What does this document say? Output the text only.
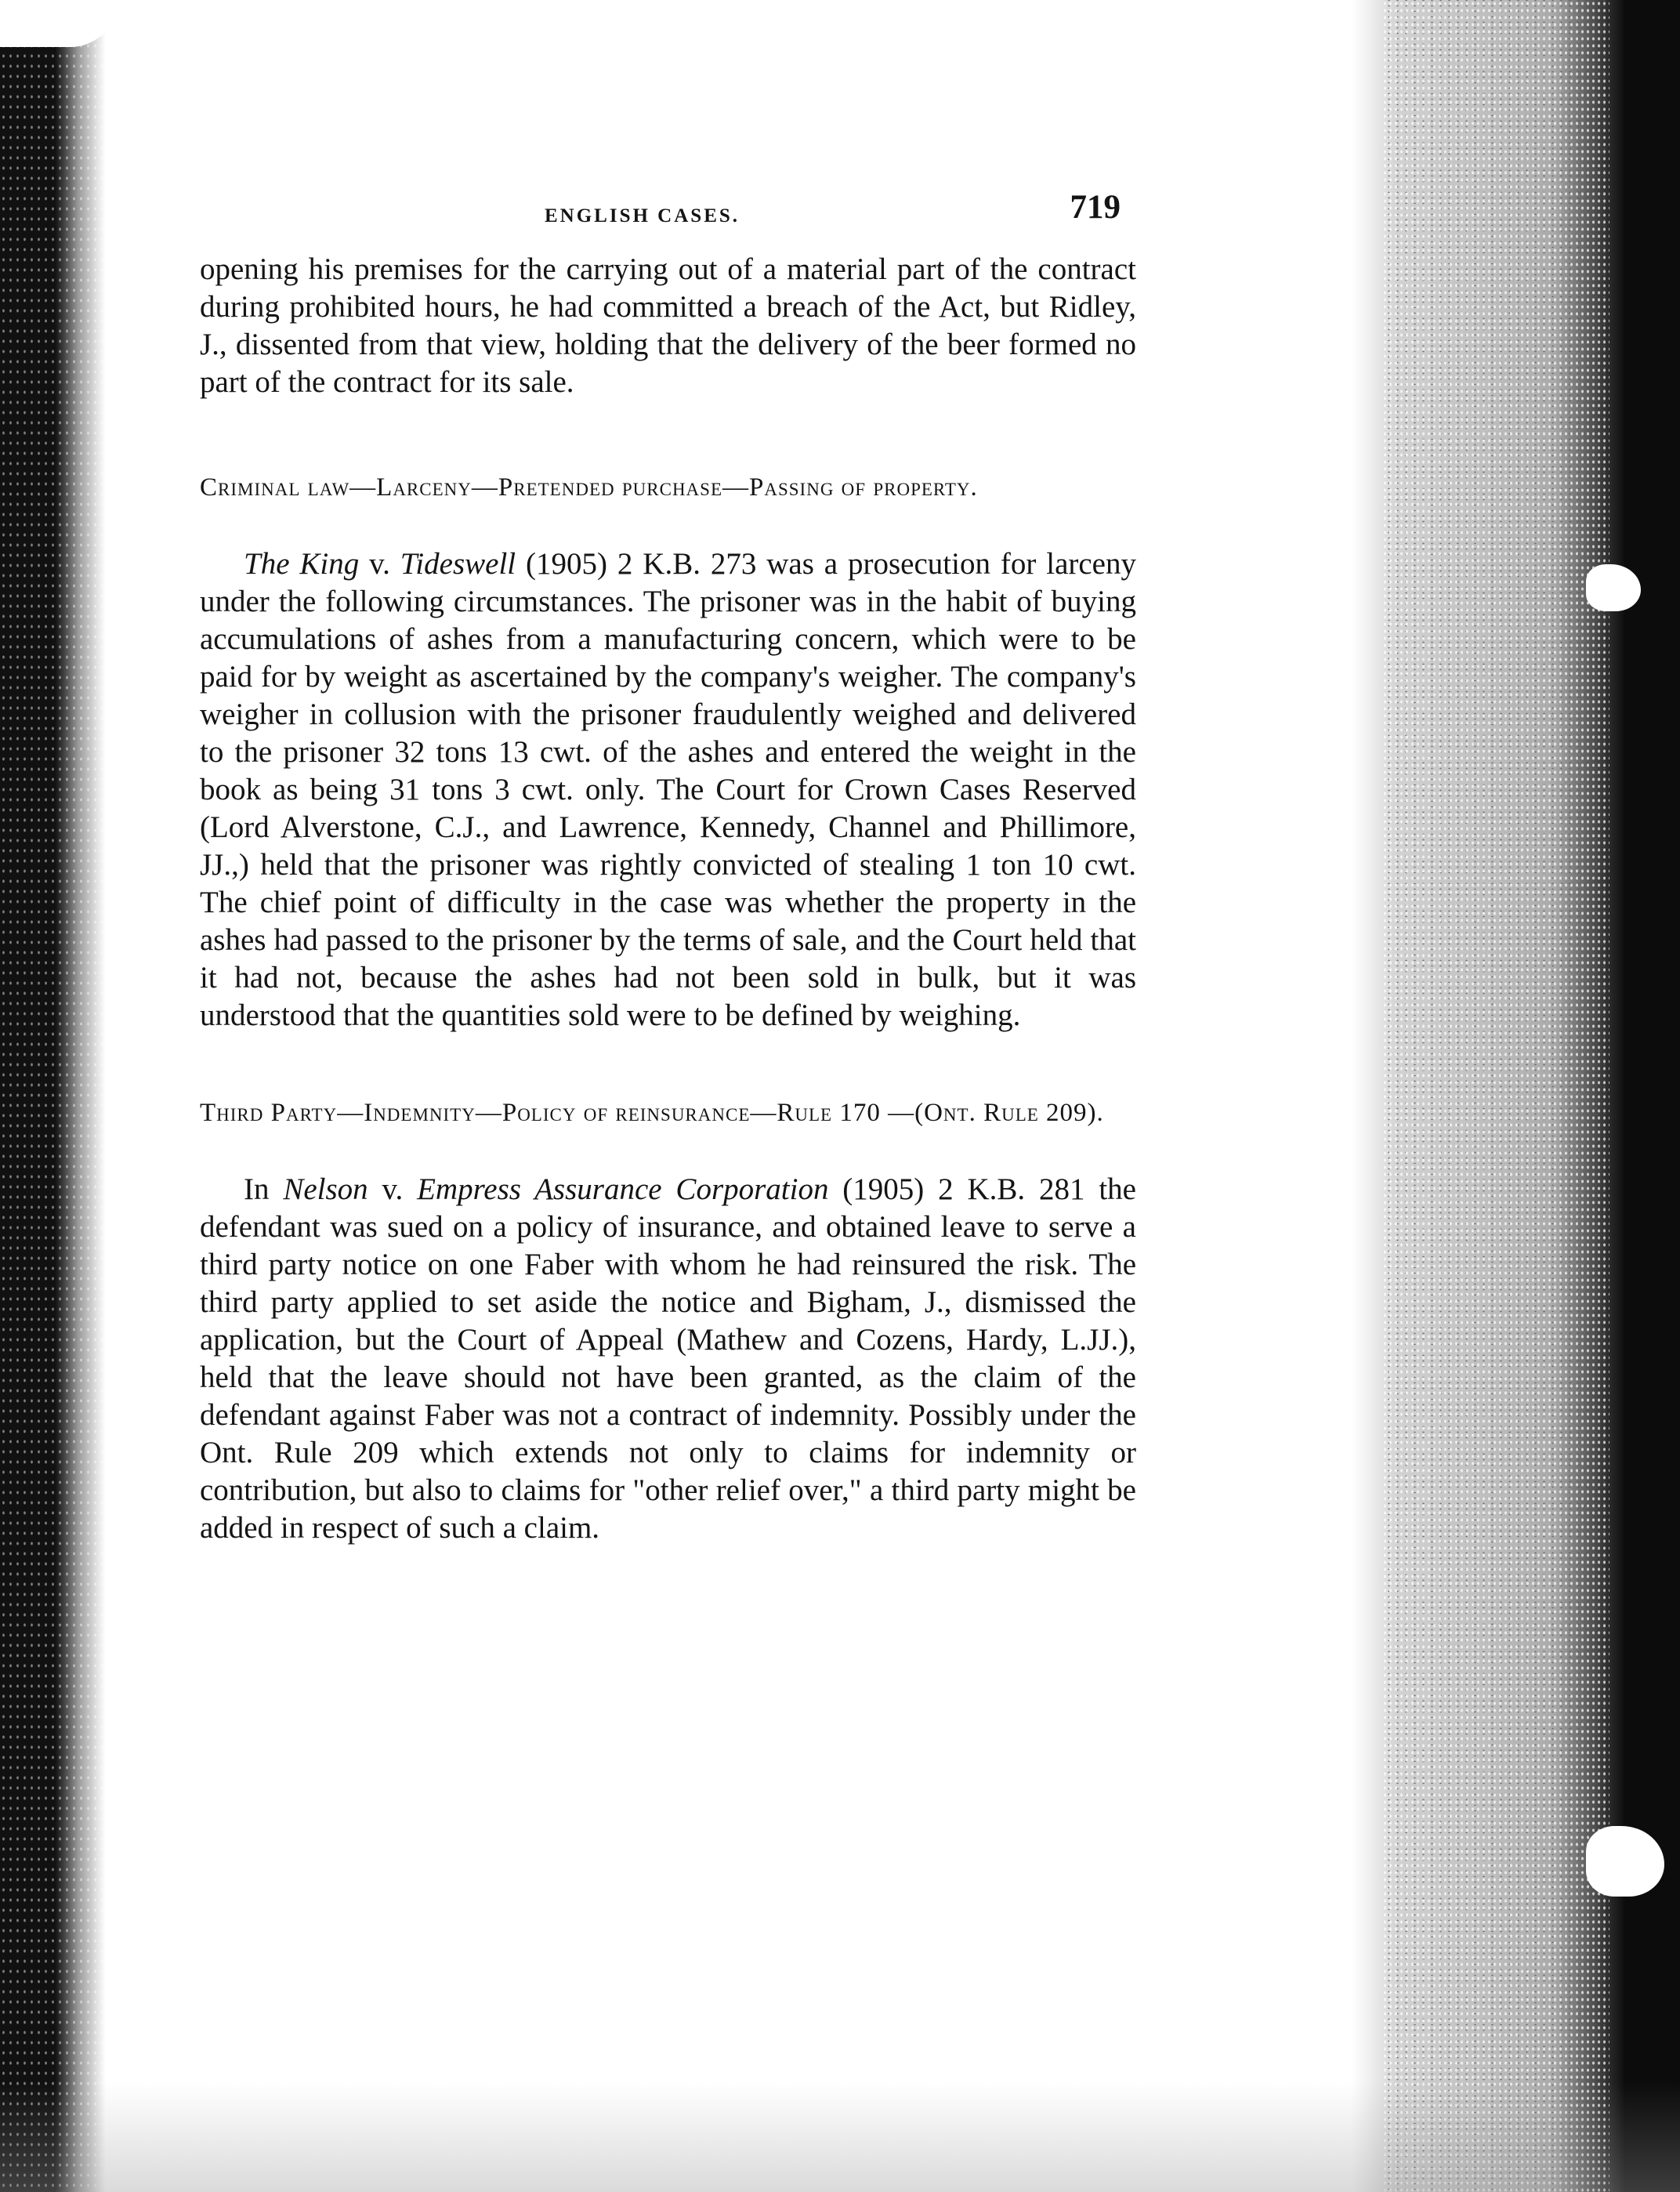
ENGLISH CASES.	719

opening his premises for the carrying out of a material part of the contract during prohibited hours, he had committed a breach of the Act, but Ridley, J., dissented from that view, holding that the delivery of the beer formed no part of the contract for its sale.

Criminal law—Larceny—Pretended purchase—Passing of property.

The King v. Tideswell (1905) 2 K.B. 273 was a prosecution for larceny under the following circumstances. The prisoner was in the habit of buying accumulations of ashes from a manufacturing concern, which were to be paid for by weight as ascertained by the company's weigher. The company's weigher in collusion with the prisoner fraudulently weighed and delivered to the prisoner 32 tons 13 cwt. of the ashes and entered the weight in the book as being 31 tons 3 cwt. only. The Court for Crown Cases Reserved (Lord Alverstone, C.J., and Lawrence, Kennedy, Channel and Phillimore, JJ.,) held that the prisoner was rightly convicted of stealing 1 ton 10 cwt. The chief point of difficulty in the case was whether the property in the ashes had passed to the prisoner by the terms of sale, and the Court held that it had not, because the ashes had not been sold in bulk, but it was understood that the quantities sold were to be defined by weighing.

Third Party—Indemnity—Policy of reinsurance—Rule 170 —(Ont. Rule 209).

In Nelson v. Empress Assurance Corporation (1905) 2 K.B. 281 the defendant was sued on a policy of insurance, and obtained leave to serve a third party notice on one Faber with whom he had reinsured the risk. The third party applied to set aside the notice and Bigham, J., dismissed the application, but the Court of Appeal (Mathew and Cozens, Hardy, L.JJ.), held that the leave should not have been granted, as the claim of the defendant against Faber was not a contract of indemnity. Possibly under the Ont. Rule 209 which extends not only to claims for indemnity or contribution, but also to claims for "other relief over," a third party might be added in respect of such a claim.
